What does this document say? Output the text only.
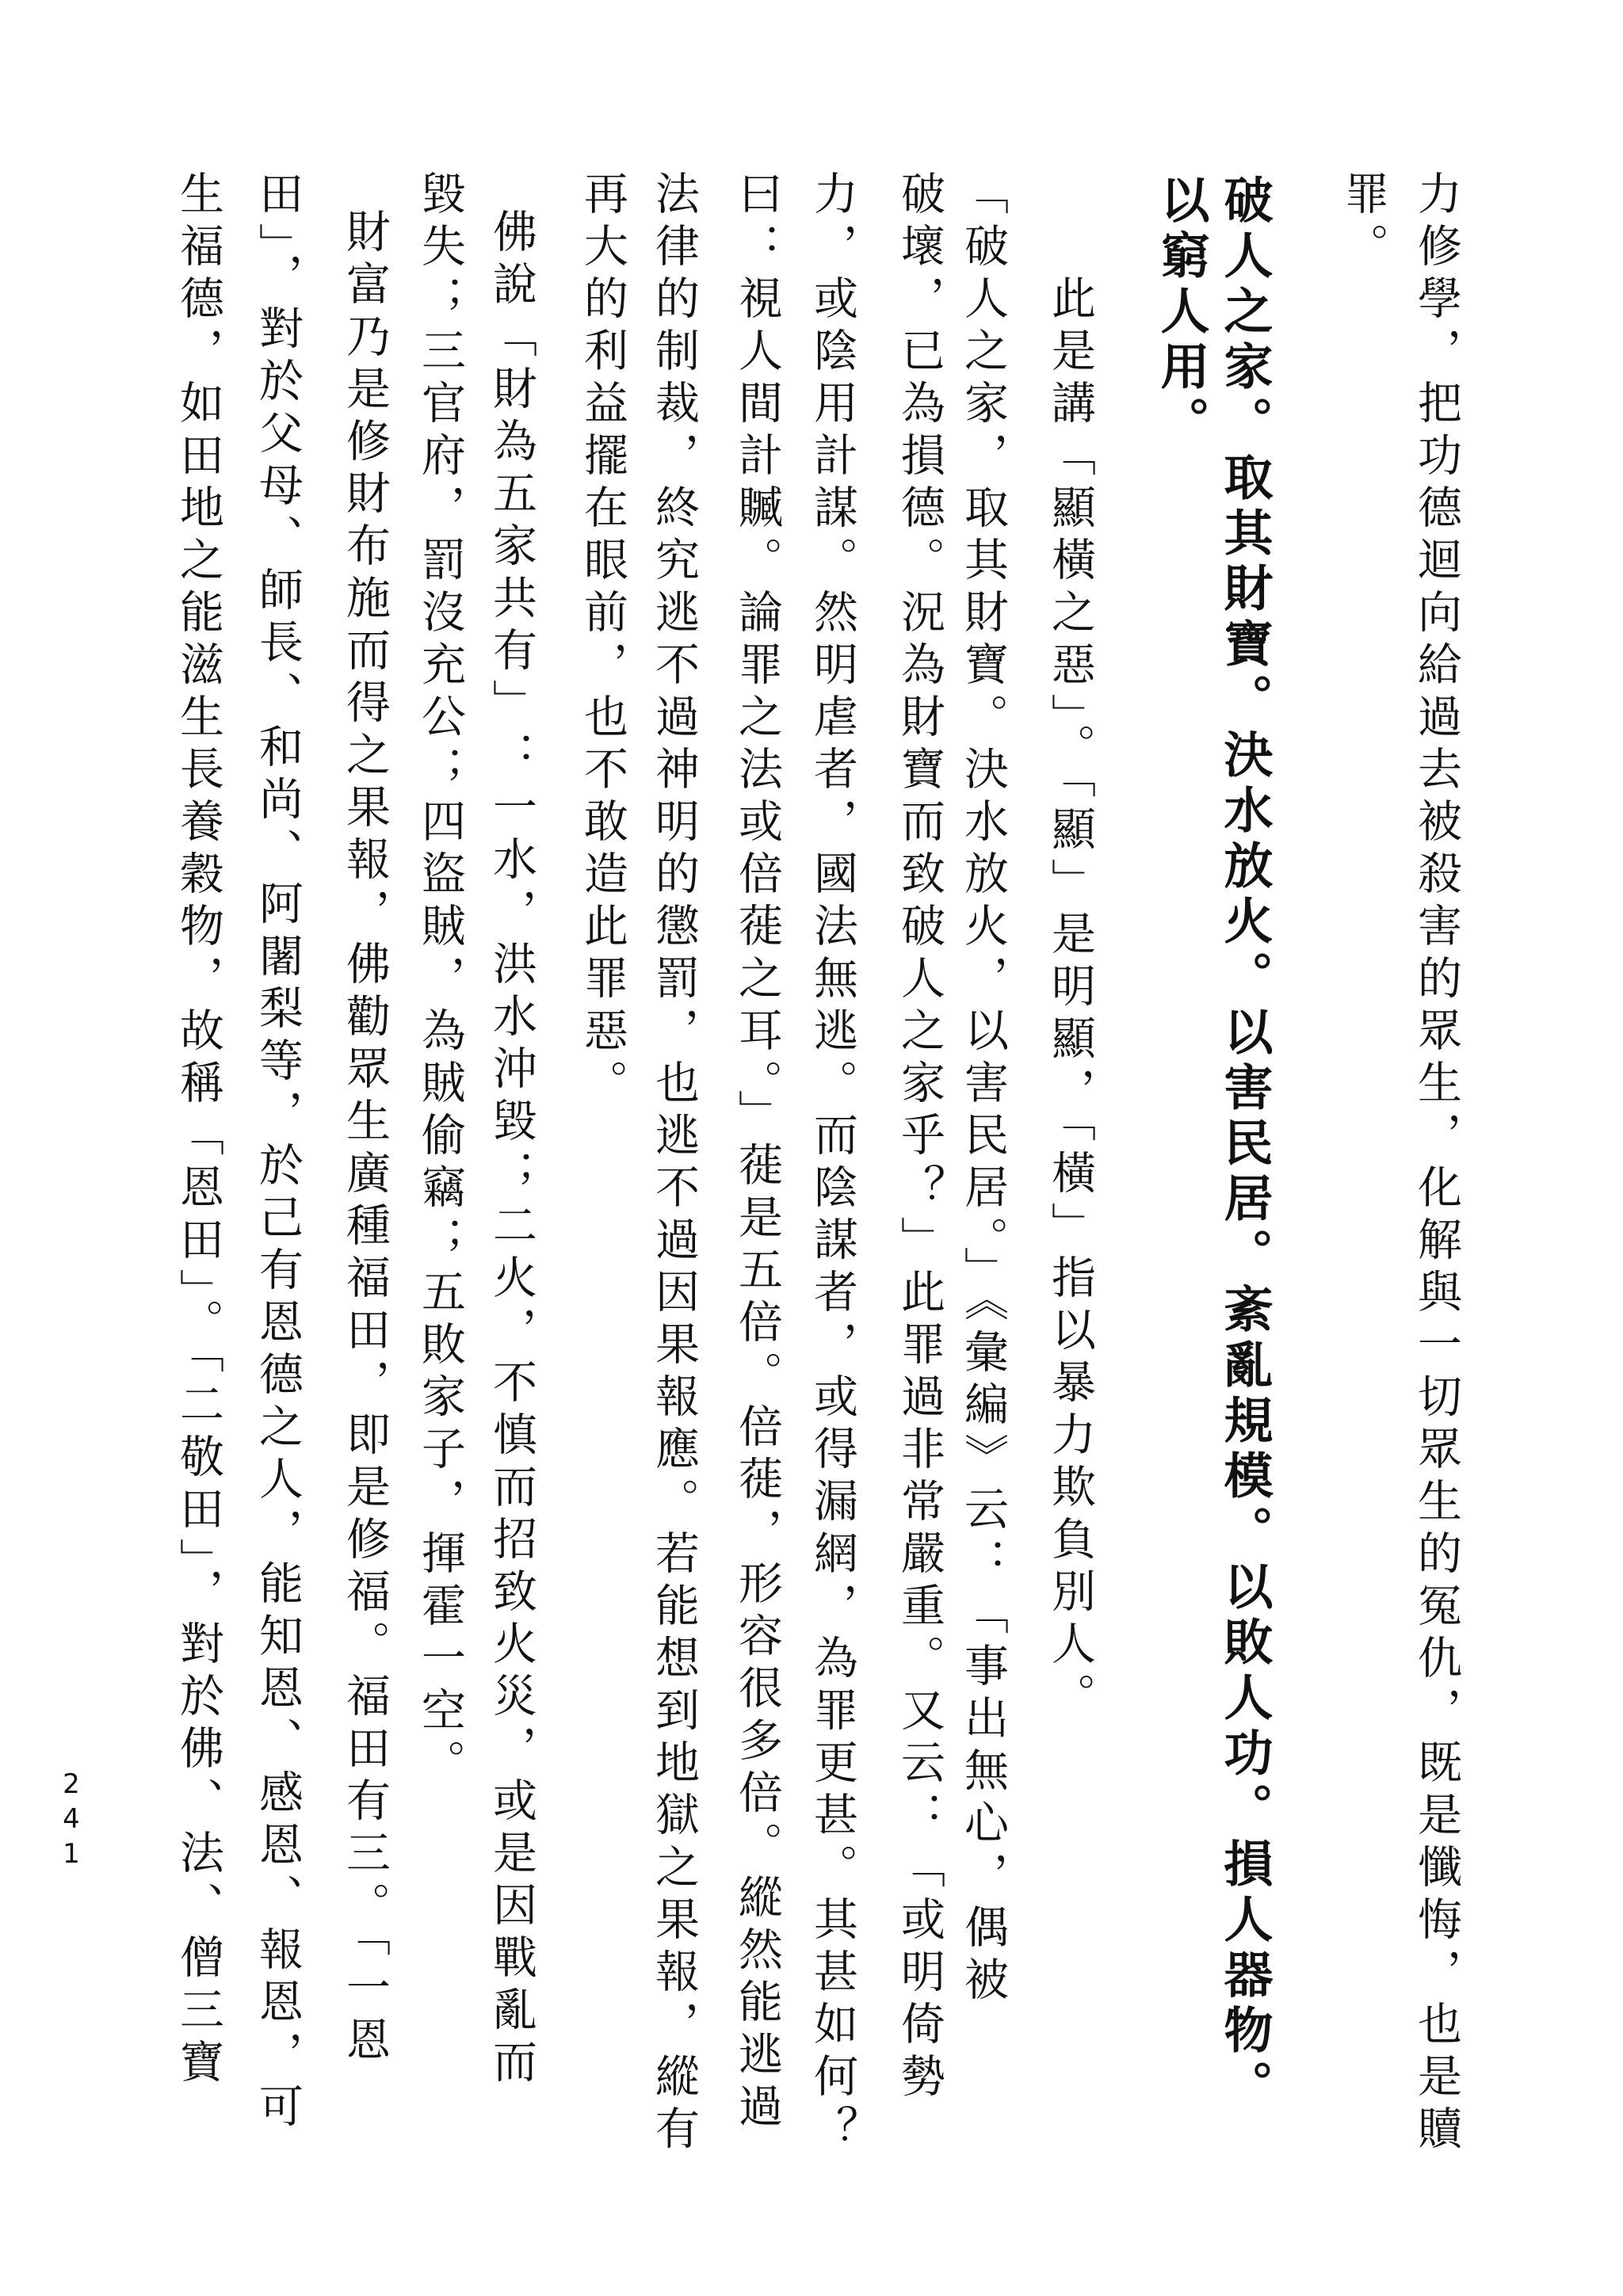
力修學，把功德迴向給過去被殺害的眾生，化解與一切眾生的冤仇，既是懺悔，也是贖
罪。
破人之家。取其財寶。決水放火。以害民居。紊亂規模。以敗人功。損人器物。
以窮人用。
此是講「顯橫之惡」。「顯」是明顯，「橫」指以暴力欺負別人。
「破人之家，取其財寶。決水放火，以害民居。」《彙編》云：「事出無心，偶被
破壞，已為損德。況為財寶而致破人之家乎？」此罪過非常嚴重。又云：「或明倚勢
力，或陰用計謀。然明虐者，國法無逃。而陰謀者，或得漏網，為罪更甚。其甚如何？
曰：視人間計贓。論罪之法或倍蓰之耳。」蓰是五倍。倍蓰，形容很多倍。縱然能逃過
法律的制裁，終究逃不過神明的懲罰，也逃不過因果報應。若能想到地獄之果報，縱有
再大的利益擺在眼前，也不敢造此罪惡。
佛說「財為五家共有」：一水，洪水沖毀；二火，不慎而招致火災，或是因戰亂而
毀失；三官府，罰沒充公；四盜賊，為賊偷竊；五敗家子，揮霍一空。
財富乃是修財布施而得之果報，佛勸眾生廣種福田，即是修福。福田有三。「一恩
田」，對於父母、師長、和尚、阿闍梨等，於己有恩德之人，能知恩、感恩、報恩，可
生福德，如田地之能滋生長養穀物，故稱「恩田」。「二敬田」，對於佛、法、僧三寶
241
